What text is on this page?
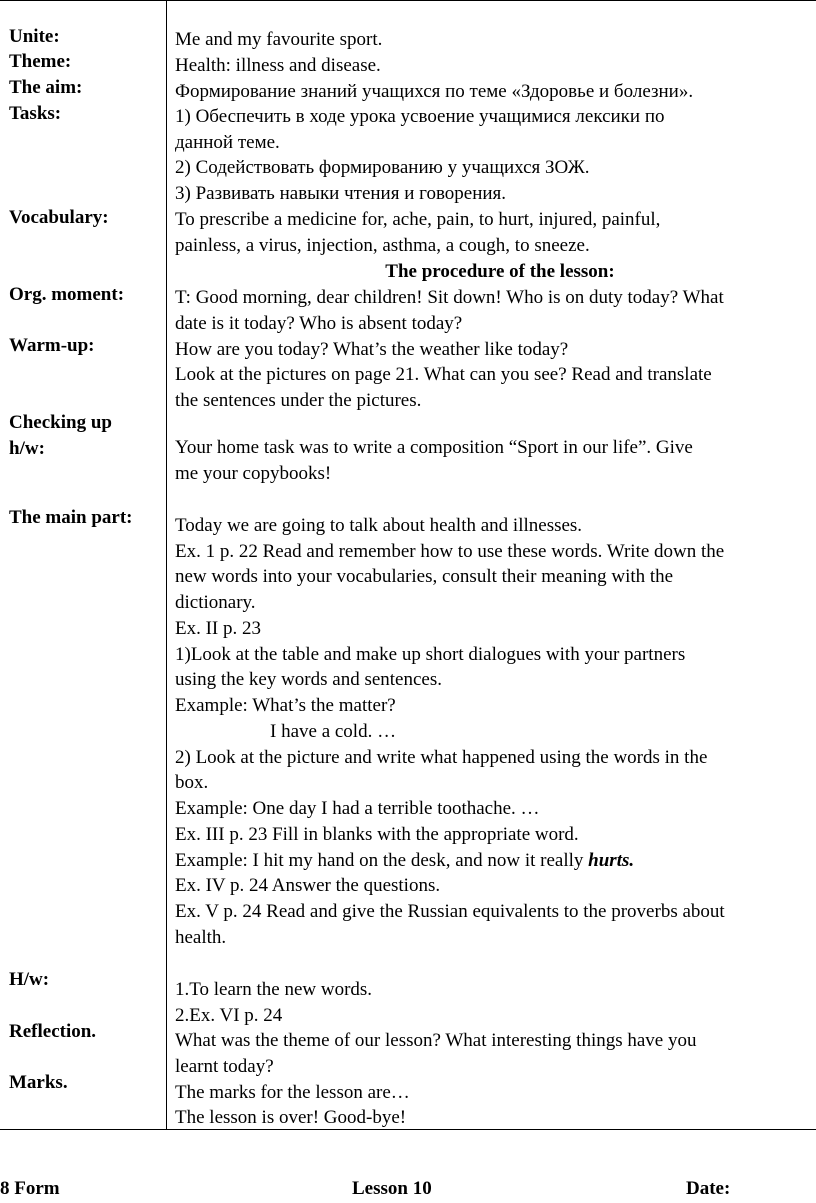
Unite:

Theme:

The aim:

Tasks:

Vocabulary:

Org. moment:

Warm-up:

Checking up

h/w:

The main part:

H/w:

Reflection.

Marks.

Me and my favourite sport.

Health: illness and disease.

Формирование знаний учащихся по теме «Здоровье и болезни».

1) Обеспечить в ходе урока усвоение учащимися лексики по

данной теме.

2) Содействовать формированию у учащихся ЗОЖ.

3) Развивать навыки чтения и говорения.

To prescribe a medicine for, ache, pain, to hurt, injured, painful,

painless, a virus, injection, asthma, a cough, to sneeze.

The procedure of the lesson:

T: Good morning, dear children! Sit down! Who is on duty today? What

date is it today? Who is absent today?

How are you today? What’s the weather like today?

Look at the pictures on page 21. What can you see? Read and translate

the sentences under the pictures.

Your home task was to write a composition “Sport in our life”. Give

me your copybooks!

Today we are going to talk about health and illnesses.

Ex. 1 p. 22 Read and remember how to use these words. Write down the

new words into your vocabularies, consult their meaning with the

dictionary.

Ex. II p. 23

1)Look at the table and make up short dialogues with your partners

using the key words and sentences.

Example: What’s the matter?

I have a cold. …

2) Look at the picture and write what happened using the words in the

box.

Example: One day I had a terrible toothache. …

Ex. III p. 23 Fill in blanks with the appropriate word.

Example: I hit my hand on the desk, and now it really hurts.

Ex. IV p. 24 Answer the questions.

Ex. V p. 24 Read and give the Russian equivalents to the proverbs about

health.

1.To learn the new words.

2.Ex. VI p. 24

What was the theme of our lesson? What interesting things have you

learnt today?

The marks for the lesson are…

The lesson is over! Good-bye!

8 Form	Lesson 10	Date:
